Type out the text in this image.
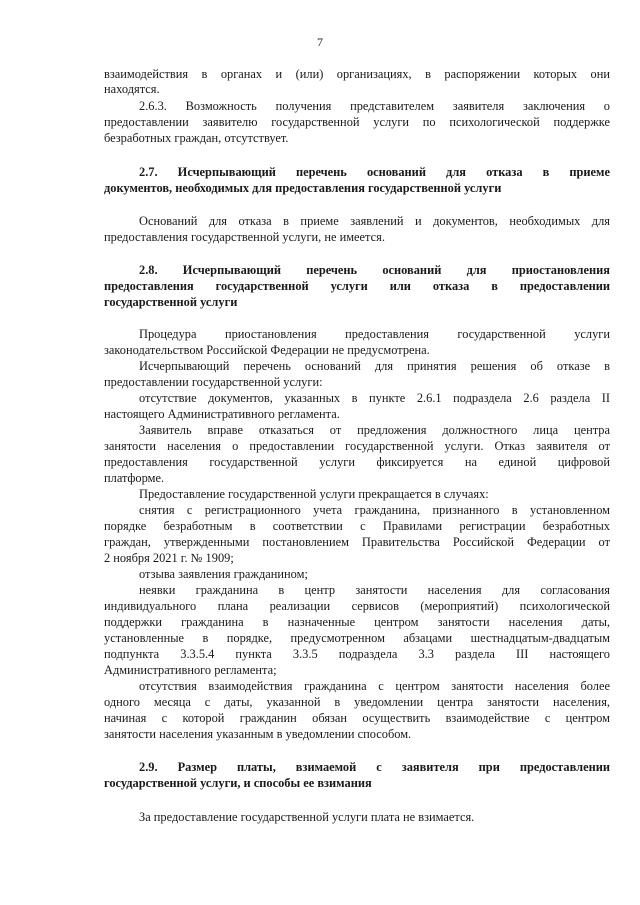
7
взаимодействия в органах и (или) организациях, в распоряжении которых они
находятся.
2.6.3. Возможность получения представителем заявителя заключения о
предоставлении заявителю государственной услуги по психологической поддержке
безработных граждан, отсутствует.
2.7. Исчерпывающий перечень оснований для отказа в приеме
документов, необходимых для предоставления государственной услуги
Оснований для отказа в приеме заявлений и документов, необходимых для
предоставления государственной услуги, не имеется.
2.8. Исчерпывающий перечень оснований для приостановления
предоставления государственной услуги или отказа в предоставлении
государственной услуги
Процедура приостановления предоставления государственной услуги
законодательством Российской Федерации не предусмотрена.
Исчерпывающий перечень оснований для принятия решения об отказе в
предоставлении государственной услуги:
отсутствие документов, указанных в пункте 2.6.1 подраздела 2.6 раздела II
настоящего Административного регламента.
Заявитель вправе отказаться от предложения должностного лица центра
занятости населения о предоставлении государственной услуги. Отказ заявителя от
предоставления государственной услуги фиксируется на единой цифровой
платформе.
Предоставление государственной услуги прекращается в случаях:
снятия с регистрационного учета гражданина, признанного в установленном
порядке безработным в соответствии с Правилами регистрации безработных
граждан, утвержденными постановлением Правительства Российской Федерации от
2 ноября 2021 г. № 1909;
отзыва заявления гражданином;
неявки гражданина в центр занятости населения для согласования
индивидуального плана реализации сервисов (мероприятий) психологической
поддержки гражданина в назначенные центром занятости населения даты,
установленные в порядке, предусмотренном абзацами шестнадцатым-двадцатым
подпункта 3.3.5.4 пункта 3.3.5 подраздела 3.3 раздела III настоящего
Административного регламента;
отсутствия взаимодействия гражданина с центром занятости населения более
одного месяца с даты, указанной в уведомлении центра занятости населения,
начиная с которой гражданин обязан осуществить взаимодействие с центром
занятости населения указанным в уведомлении способом.
2.9. Размер платы, взимаемой с заявителя при предоставлении
государственной услуги, и способы ее взимания
За предоставление государственной услуги плата не взимается.
